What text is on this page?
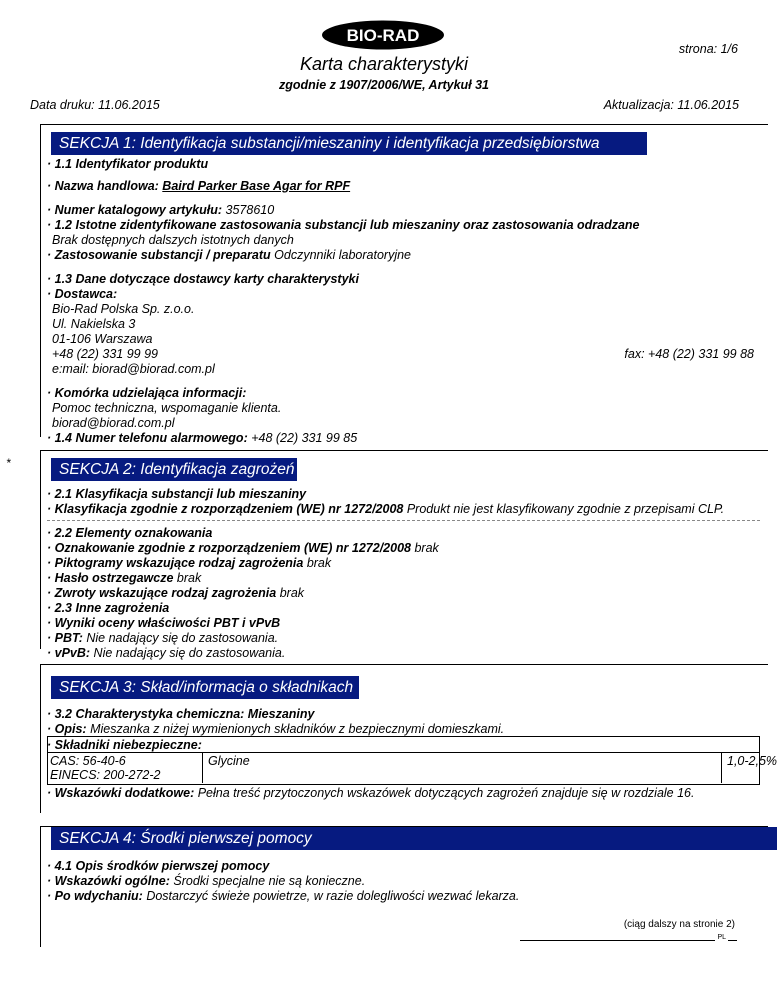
BIO-RAD
strona: 1/6
Karta charakterystyki
zgodnie z 1907/2006/WE, Artykuł 31
Data druku: 11.06.2015	Aktualizacja: 11.06.2015
SEKCJA 1: Identyfikacja substancji/mieszaniny i identyfikacja przedsiębiorstwa
· 1.1 Identyfikator produktu
· Nazwa handlowa: Baird Parker Base Agar for RPF
· Numer katalogowy artykułu: 3578610
· 1.2 Istotne zidentyfikowane zastosowania substancji lub mieszaniny oraz zastosowania odradzane
Brak dostępnych dalszych istotnych danych
· Zastosowanie substancji / preparatu Odczynniki laboratoryjne
· 1.3 Dane dotyczące dostawcy karty charakterystyki
· Dostawca:
Bio-Rad Polska Sp. z.o.o.
Ul. Nakielska 3
01-106 Warszawa
+48 (22) 331 99 99	fax: +48 (22) 331 99 88
e:mail: biorad@biorad.com.pl
· Komórka udzielająca informacji:
Pomoc techniczna, wspomaganie klienta.
biorad@biorad.com.pl
· 1.4 Numer telefonu alarmowego: +48 (22) 331 99 85
*	SEKCJA 2: Identyfikacja zagrożeń
· 2.1 Klasyfikacja substancji lub mieszaniny
· Klasyfikacja zgodnie z rozporządzeniem (WE) nr 1272/2008 Produkt nie jest klasyfikowany zgodnie z przepisami CLP.
· 2.2 Elementy oznakowania
· Oznakowanie zgodnie z rozporządzeniem (WE) nr 1272/2008 brak
· Piktogramy wskazujące rodzaj zagrożenia brak
· Hasło ostrzegawcze brak
· Zwroty wskazujące rodzaj zagrożenia brak
· 2.3 Inne zagrożenia
· Wyniki oceny właściwości PBT i vPvB
· PBT: Nie nadający się do zastosowania.
· vPvB: Nie nadający się do zastosowania.
SEKCJA 3: Skład/informacja o składnikach
· 3.2 Charakterystyka chemiczna: Mieszaniny
· Opis: Mieszanka z niżej wymienionych składników z bezpiecznymi domieszkami.
· Składniki niebezpieczne:
CAS: 56-40-6
EINECS: 200-272-2
Glycine	1,0-2,5%
· Wskazówki dodatkowe: Pełna treść przytoczonych wskazówek dotyczących zagrożeń znajduje się w rozdziale 16.
SEKCJA 4: Środki pierwszej pomocy
· 4.1 Opis środków pierwszej pomocy
· Wskazówki ogólne: Środki specjalne nie są konieczne.
· Po wdychaniu: Dostarczyć świeże powietrze, w razie dolegliwości wezwać lekarza.
(ciąg dalszy na stronie 2)
PL
